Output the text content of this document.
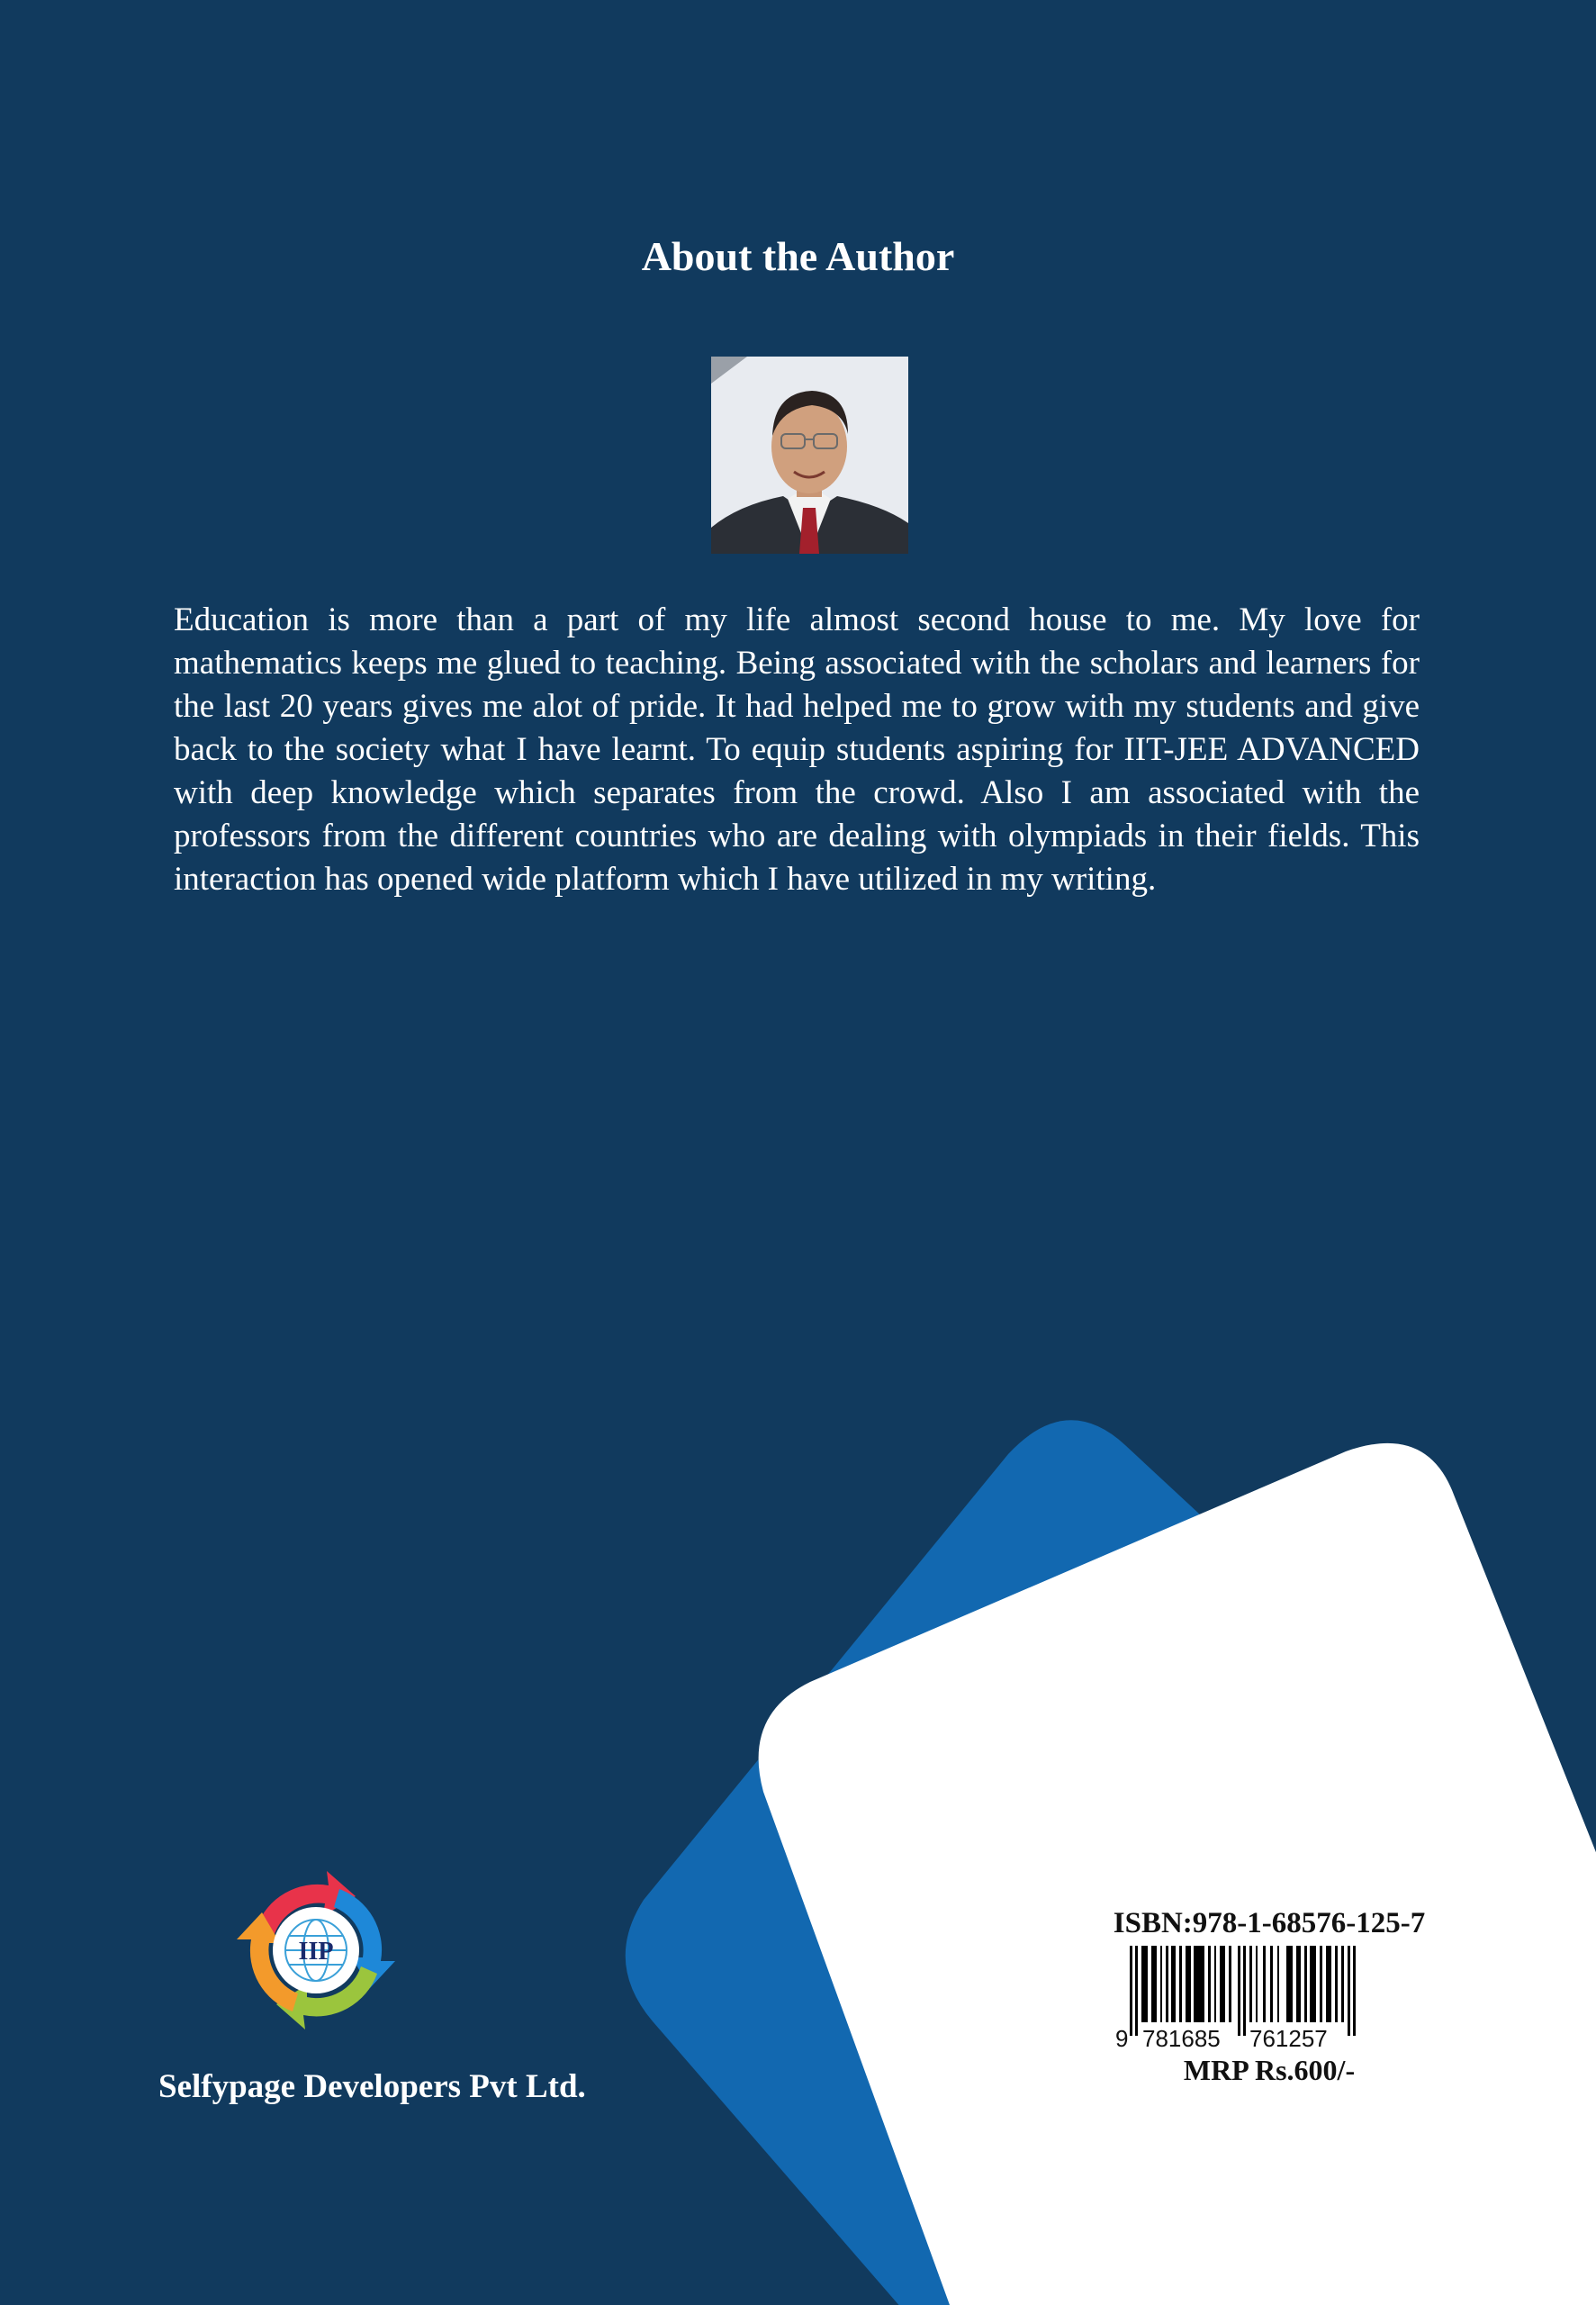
About the Author

Education is more than a part of my life almost second house to me. My love for mathematics keeps me glued to teaching. Being associated with the scholars and learners for the last 20 years gives me alot of pride. It had helped me to grow with my students and give back to the society what I have learnt. To equip students aspiring for IIT-JEE ADVANCED with deep knowledge which separates from the crowd. Also I am associated with the professors from the different countries who are dealing with olympiads in their fields. This interaction has opened wide platform which I have utilized in my writing.

IIP
Selfypage Developers Pvt Ltd.
ISBN:978-1-68576-125-7
9 781685 761257
MRP Rs.600/-
